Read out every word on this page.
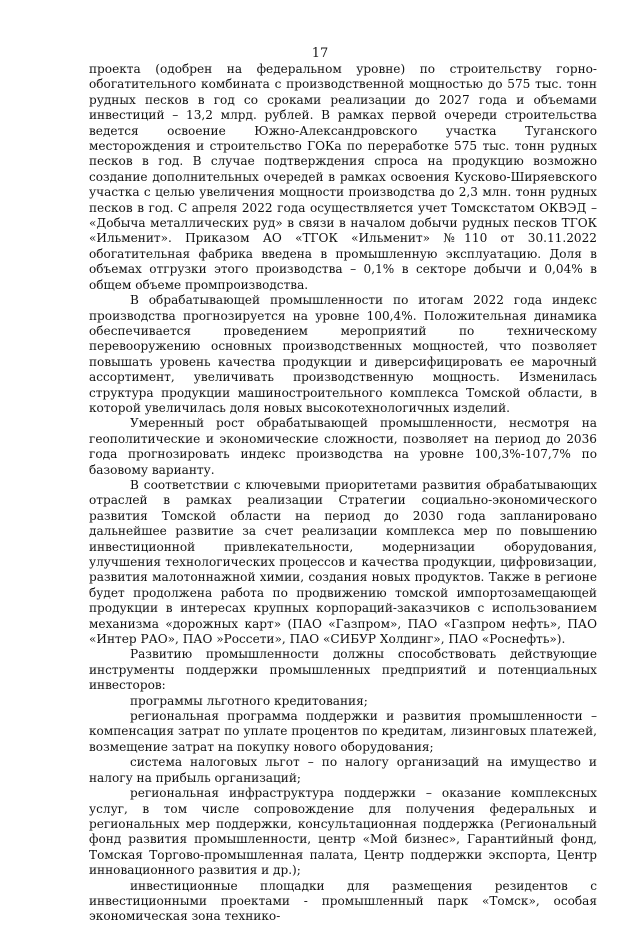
17

проекта (одобрен на федеральном уровне) по строительству горно-обогатительного комбината с производственной мощностью до 575 тыс. тонн рудных песков в год со сроками реализации до 2027 года и объемами инвестиций – 13,2 млрд. рублей. В рамках первой очереди строительства ведется освоение Южно-Александровского участка Туганского месторождения и строительство ГОКа по переработке 575 тыс. тонн рудных песков в год. В случае подтверждения спроса на продукцию возможно создание дополнительных очередей в рамках освоения Кусково-Ширяевского участка с целью увеличения мощности производства до 2,3 млн. тонн рудных песков в год. С апреля 2022 года осуществляется учет Томскстатом ОКВЭД – «Добыча металлических руд» в связи в началом добычи рудных песков ТГОК «Ильменит». Приказом АО «ТГОК «Ильменит» №110 от 30.11.2022 обогатительная фабрика введена в промышленную эксплуатацию. Доля в объемах отгрузки этого производства – 0,1% в секторе добычи и 0,04% в общем объеме промпроизводства.

В обрабатывающей промышленности по итогам 2022 года индекс производства прогнозируется на уровне 100,4%. Положительная динамика обеспечивается проведением мероприятий по техническому перевооружению основных производственных мощностей, что позволяет повышать уровень качества продукции и диверсифицировать ее марочный ассортимент, увеличивать производственную мощность. Изменилась структура продукции машиностроительного комплекса Томской области, в которой увеличилась доля новых высокотехнологичных изделий.

Умеренный рост обрабатывающей промышленности, несмотря на геополитические и экономические сложности, позволяет на период до 2036 года прогнозировать индекс производства на уровне 100,3%-107,7% по базовому варианту.

В соответствии с ключевыми приоритетами развития обрабатывающих отраслей в рамках реализации Стратегии социально-экономического развития Томской области на период до 2030 года запланировано дальнейшее развитие за счет реализации комплекса мер по повышению инвестиционной привлекательности, модернизации оборудования, улучшения технологических процессов и качества продукции, цифровизации, развития малотоннажной химии, создания новых продуктов. Также в регионе будет продолжена работа по продвижению томской импортозамещающей продукции в интересах крупных корпораций-заказчиков с использованием механизма «дорожных карт» (ПАО «Газпром», ПАО «Газпром нефть», ПАО «Интер РАО», ПАО »Россети», ПАО «СИБУР Холдинг», ПАО «Роснефть»).

Развитию промышленности должны способствовать действующие инструменты поддержки промышленных предприятий и потенциальных инвесторов:

программы льготного кредитования;

региональная программа поддержки и развития промышленности – компенсация затрат по уплате процентов по кредитам, лизинговых платежей, возмещение затрат на покупку нового оборудования;

система налоговых льгот – по налогу организаций на имущество и налогу на прибыль организаций;

региональная инфраструктура поддержки – оказание комплексных услуг, в том числе сопровождение для получения федеральных и региональных мер поддержки, консультационная поддержка (Региональный фонд развития промышленности, центр «Мой бизнес», Гарантийный фонд, Томская Торгово-промышленная палата, Центр поддержки экспорта, Центр инновационного развития и др.);

инвестиционные площадки для размещения резидентов с инвестиционными проектами - промышленный парк «Томск», особая экономическая зона технико-
